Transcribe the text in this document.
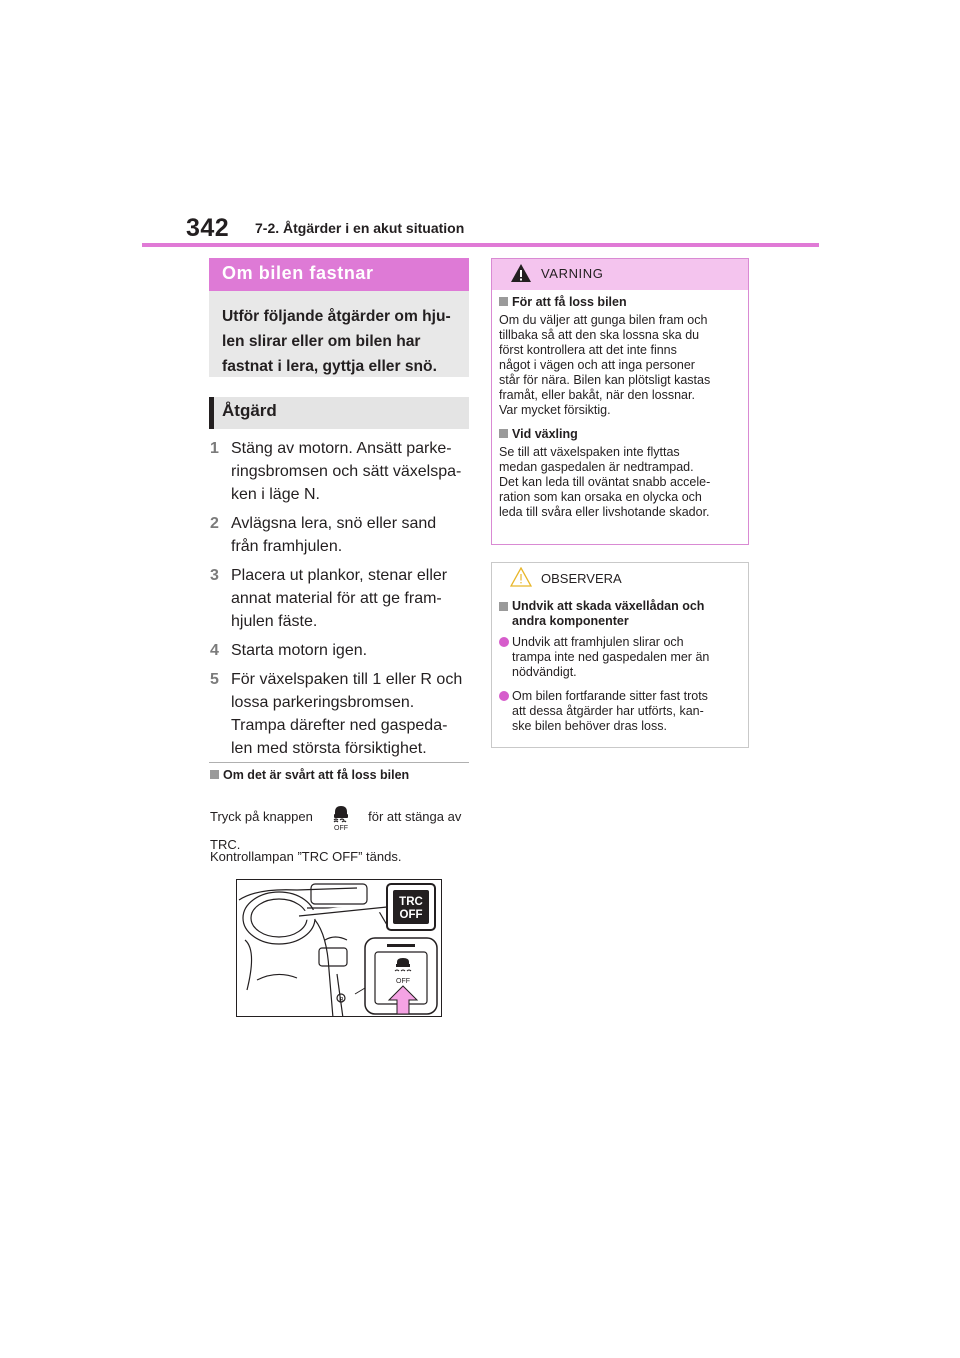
342 7-2. Åtgärder i en akut situation
Om bilen fastnar
Utför följande åtgärder om hju-
len slirar eller om bilen har
fastnat i lera, gyttja eller snö.
Åtgärd
1 Stäng av motorn. Ansätt parke-
ringsbromsen och sätt växelspa-
ken i läge N.
2 Avlägsna lera, snö eller sand
från framhjulen.
3 Placera ut plankor, stenar eller
annat material för att ge fram-
hjulen fäste.
4 Starta motorn igen.
5 För växelspaken till 1 eller R och
lossa parkeringsbromsen.
Trampa därefter ned gaspeda-
len med största försiktighet.
Om det är svårt att få loss bilen
Tryck på knappen
OFF
för att stänga av
TRC.
Kontrollampan ”TRC OFF” tänds.
TRC
OFF
OFF
B
VARNING
För att få loss bilen

Om du väljer att gunga bilen fram och
tillbaka så att den ska lossna ska du
först kontrollera att det inte finns
något i vägen och att inga personer
står för nära. Bilen kan plötsligt kastas
framåt, eller bakåt, när den lossnar.
Var mycket försiktig.

Vid växling

Se till att växelspaken inte flyttas
medan gaspedalen är nedtrampad.
Det kan leda till oväntat snabb accele-
ration som kan orsaka en olycka och
leda till svåra eller livshotande skador.

OBSERVERA
Undvik att skada växellådan och
andra komponenter
Undvik att framhjulen slirar och
trampa inte ned gaspedalen mer än
nödvändigt.
Om bilen fortfarande sitter fast trots
att dessa åtgärder har utförts, kan-
ske bilen behöver dras loss.
